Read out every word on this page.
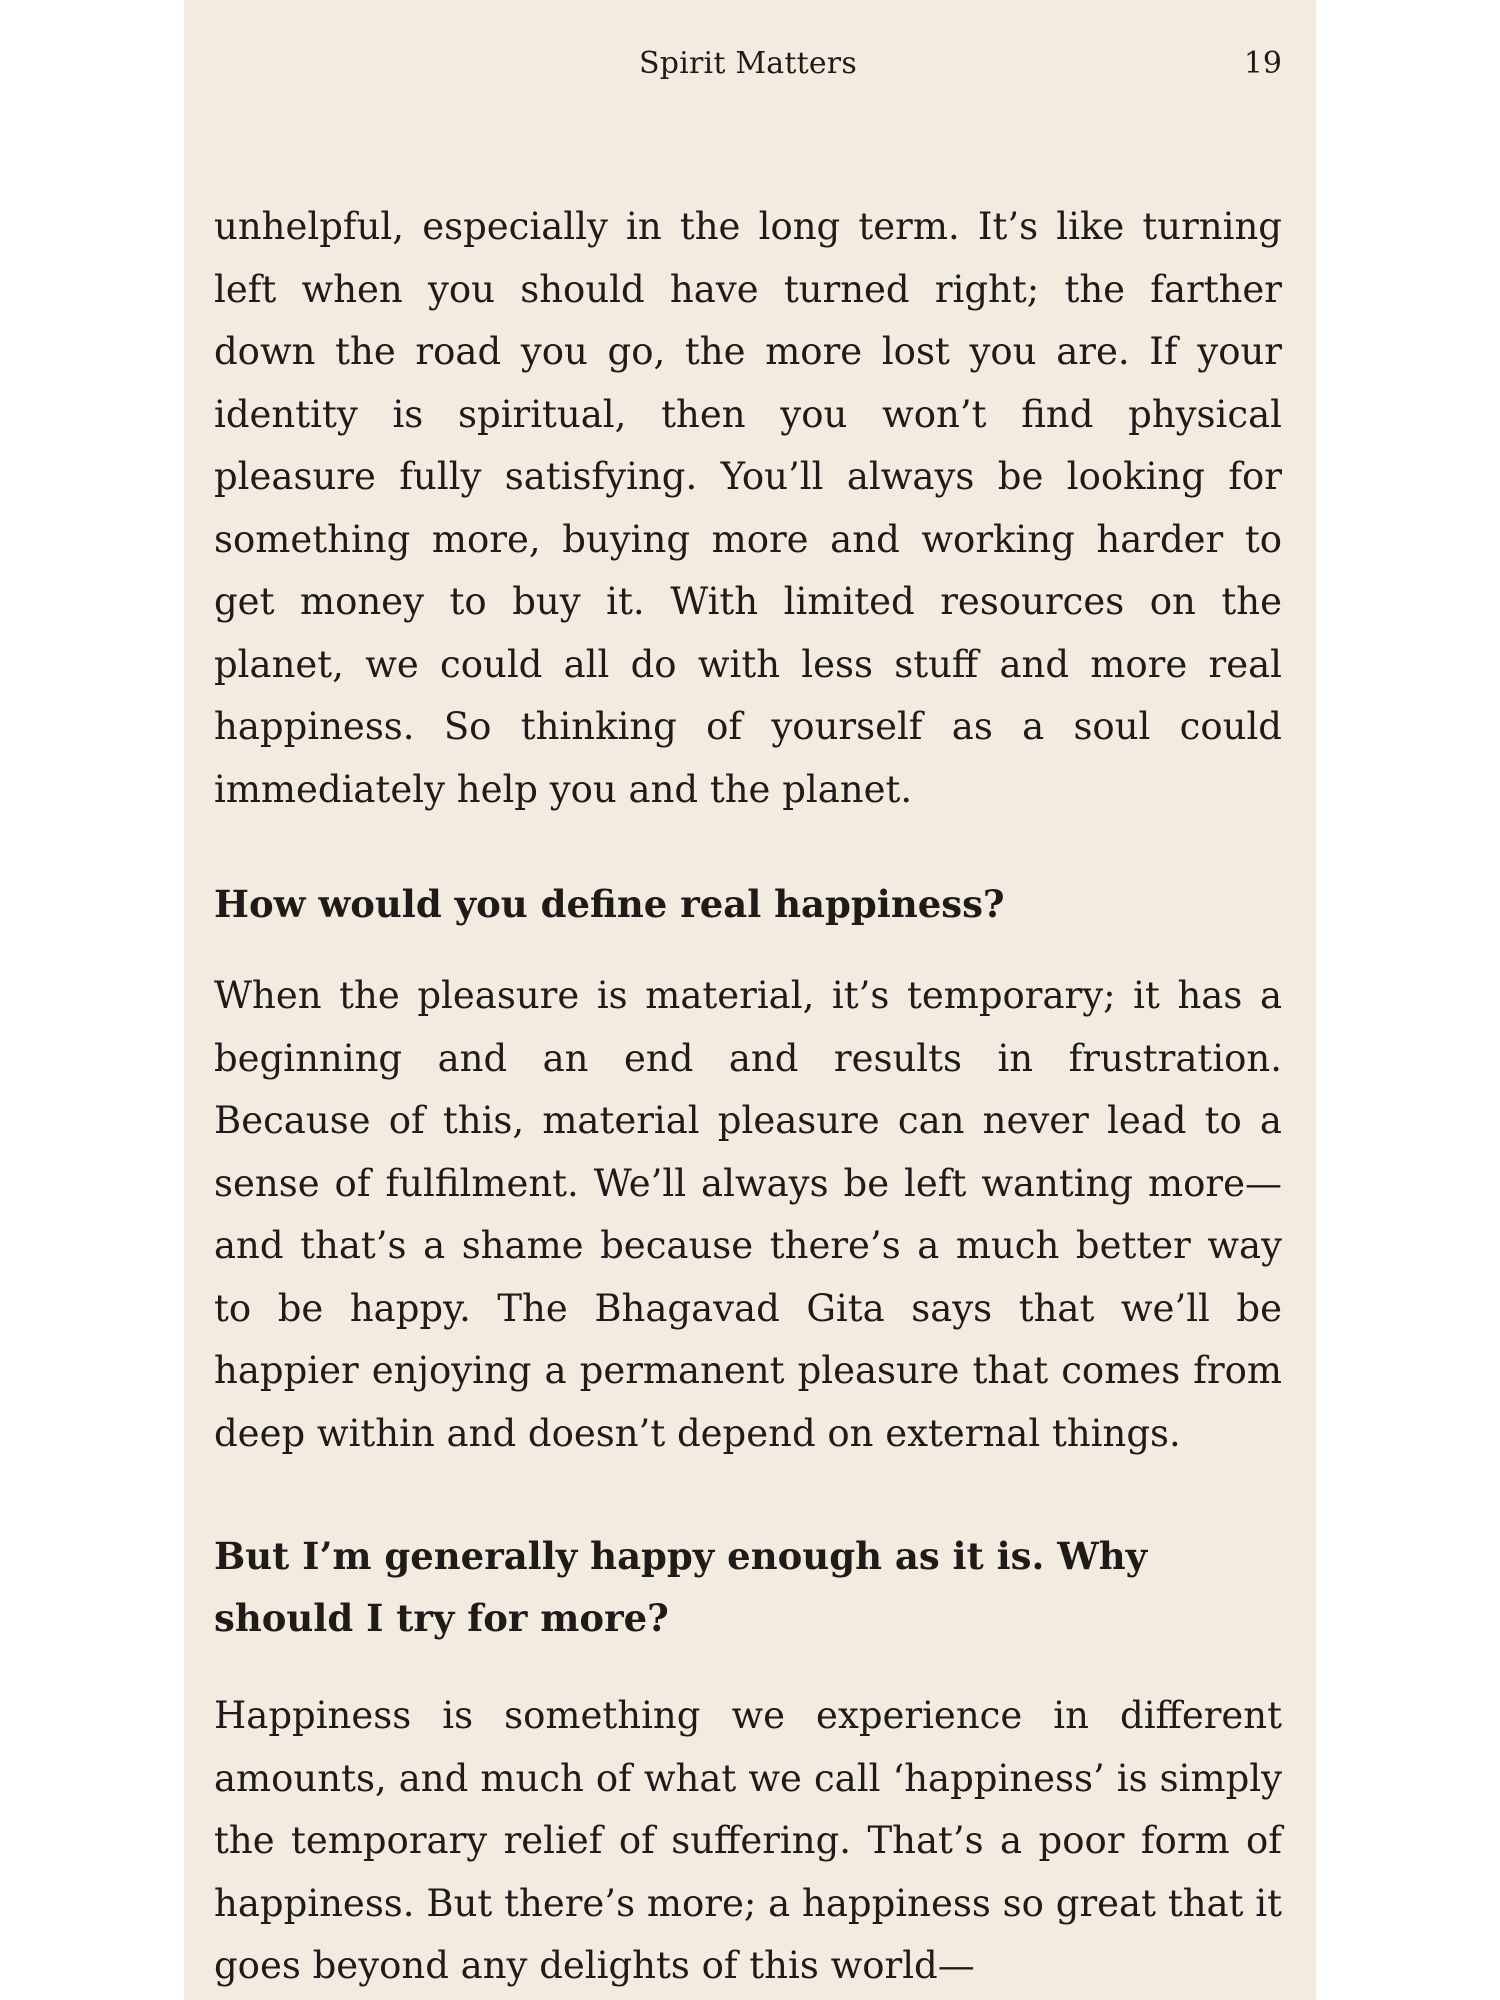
Spirit Matters	19

unhelpful, especially in the long term. It’s like turning left when you should have turned right; the farther down the road you go, the more lost you are. If your identity is spiritual, then you won’t find physical pleasure fully satisfying. You’ll always be looking for something more, buying more and working harder to get money to buy it. With limited resources on the planet, we could all do with less stuff and more real happiness. So thinking of yourself as a soul could immediately help you and the planet.

How would you define real happiness?

When the pleasure is material, it’s temporary; it has a beginning and an end and results in frustration. Because of this, material pleasure can never lead to a sense of fulfilment. We’ll always be left wanting more—and that’s a shame because there’s a much better way to be happy. The Bhagavad Gita says that we’ll be happier enjoying a permanent pleasure that comes from deep within and doesn’t depend on external things.

But I’m generally happy enough as it is. Why should I try for more?

Happiness is something we experience in different amounts, and much of what we call ‘happiness’ is simply the temporary relief of suffering. That’s a poor form of happiness. But there’s more; a happiness so great that it goes beyond any delights of this world—
